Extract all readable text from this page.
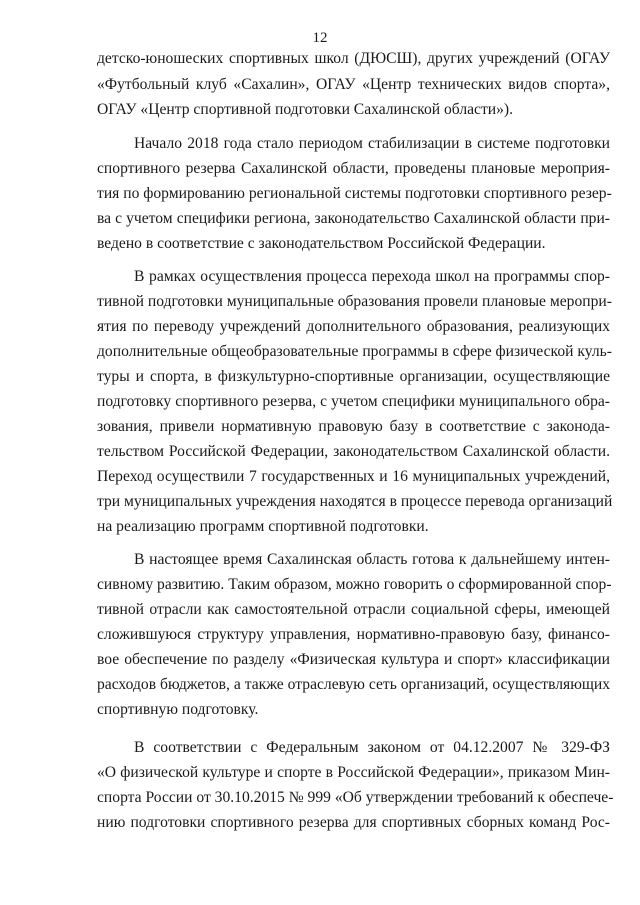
12
детско-юношеских спортивных школ (ДЮСШ), других учреждений (ОГАУ
«Футбольный клуб «Сахалин», ОГАУ «Центр технических видов спорта»,
ОГАУ «Центр спортивной подготовки Сахалинской области»).
Начало 2018 года стало периодом стабилизации в системе подготовки
спортивного резерва Сахалинской области, проведены плановые мероприя-
тия по формированию региональной системы подготовки спортивного резер-
ва с учетом специфики региона, законодательство Сахалинской области при-
ведено в соответствие с законодательством Российской Федерации.
В рамках осуществления процесса перехода школ на программы спор-
тивной подготовки муниципальные образования провели плановые меропри-
ятия по переводу учреждений дополнительного образования, реализующих
дополнительные общеобразовательные программы в сфере физической куль-
туры и спорта, в физкультурно-спортивные организации, осуществляющие
подготовку спортивного резерва, с учетом специфики муниципального обра-
зования, привели нормативную правовую базу в соответствие с законода-
тельством Российской Федерации, законодательством Сахалинской области.
Переход осуществили 7 государственных и 16 муниципальных учреждений,
три муниципальных учреждения находятся в процессе перевода организаций
на реализацию программ спортивной подготовки.
В настоящее время Сахалинская область готова к дальнейшему интен-
сивному развитию. Таким образом, можно говорить о сформированной спор-
тивной отрасли как самостоятельной отрасли социальной сферы, имеющей
сложившуюся структуру управления, нормативно-правовую базу, финансо-
вое обеспечение по разделу «Физическая культура и спорт» классификации
расходов бюджетов, а также отраслевую сеть организаций, осуществляющих
спортивную подготовку.
В соответствии с Федеральным законом от 04.12.2007 № 329-ФЗ
«О физической культуре и спорте в Российской Федерации», приказом Мин-
спорта России от 30.10.2015 № 999 «Об утверждении требований к обеспече-
нию подготовки спортивного резерва для спортивных сборных команд Рос-
